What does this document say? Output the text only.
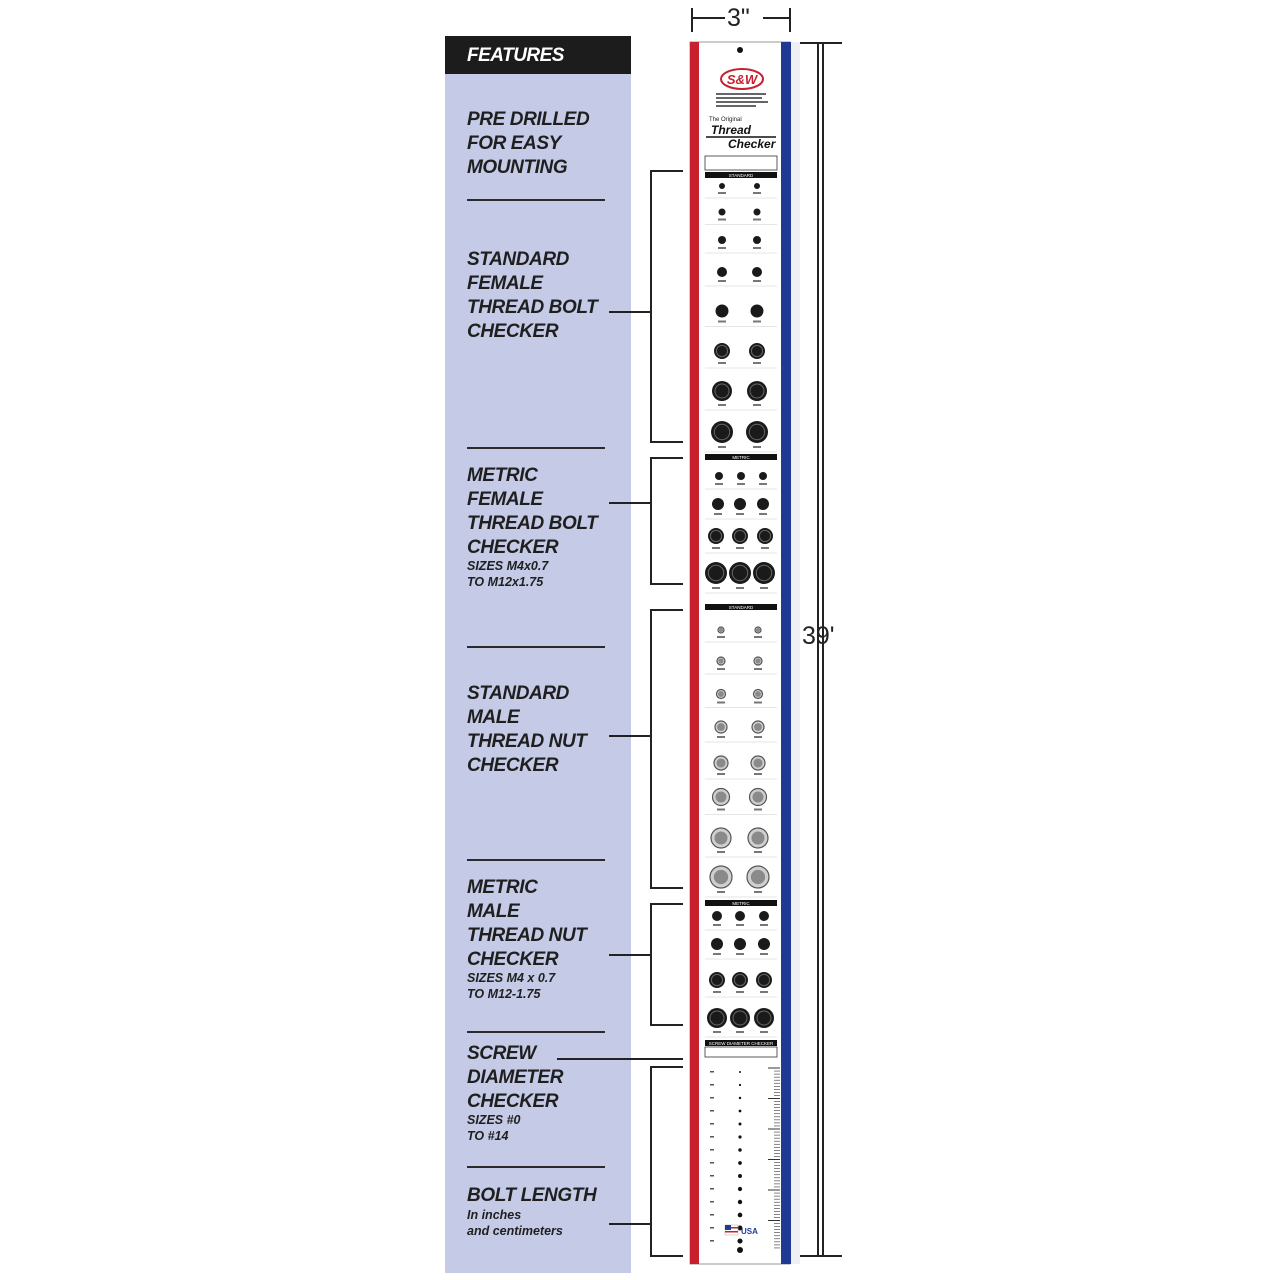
FEATURES
PRE DRILLED
FOR EASY
MOUNTING
STANDARD
FEMALE
THREAD BOLT
CHECKER
METRIC
FEMALE
THREAD BOLT
CHECKER
SIZES M4x0.7
TO M12x1.75
STANDARD
MALE
THREAD NUT
CHECKER
METRIC
MALE
THREAD NUT
CHECKER
SIZES M4 x 0.7
TO M12-1.75
SCREW
DIAMETER
CHECKER
SIZES #0
TO #14
BOLT LENGTH
In inches
and centimeters
3"
39'
S&W
The Original
Thread
Checker
STANDARD
METRIC
STANDARD
METRIC
SCREW DIAMETER CHECKER
USA
